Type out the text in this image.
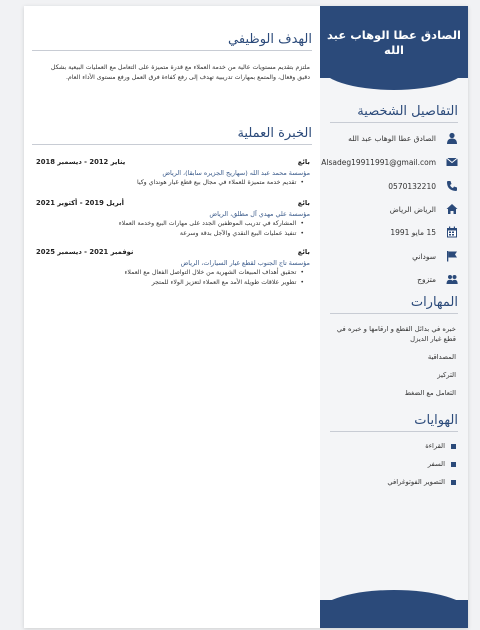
الصادق عطا الوهاب عبد الله
التفاصيل الشخصية
الصادق عطا الوهاب عبد الله
Alsadeg19911991@gmail.com
0570132210
الرياض الرياض
15 مايو 1991
سوداني
متزوج
المهارات
خبره في بدائل القطع و ارقامها و خبره في قطع غيار الديزل
المصداقية
التركيز
التعامل مع الضغط
الهوايات
القراءة
السفر
التصوير الفوتوغرافي
الهدف الوظيفي
ملتزم بتقديم مستويات عالية من خدمة العملاء مع قدرة متميزة على التعامل مع العمليات البيعية بشكل دقيق وفعال، والمتمع بمهارات تدريبية تهدف إلى رفع كفاءة فرق العمل ورفع مستوى الأداء العام.
الخبرة العملية
بائع
يناير 2012 - ديسمبر 2018
مؤسسة محمد عبد الله (سهاريج الجزيره سابقا)، الرياض
• تقديم خدمة متميزة للعملاء في مجال بيع قطع غيار هونداي وكيا
بائع
أبريل 2019 - أكتوبر 2021
مؤسسة علي مهدي آل مطلق، الرياض
• المشاركة في تدريب الموظفين الجدد على مهارات البيع وخدمة العملاء
• تنفيذ عمليات البيع النقدي والآجل بدقة وسرعة
بائع
نوفمبر 2021 - ديسمبر 2025
مؤسسة تاج الجنوب لقطع غيار السيارات، الرياض
• تحقيق أهداف المبيعات الشهرية من خلال التواصل الفعال مع العملاء
• تطوير علاقات طويلة الأمد مع العملاء لتعزيز الولاء للمتجر
